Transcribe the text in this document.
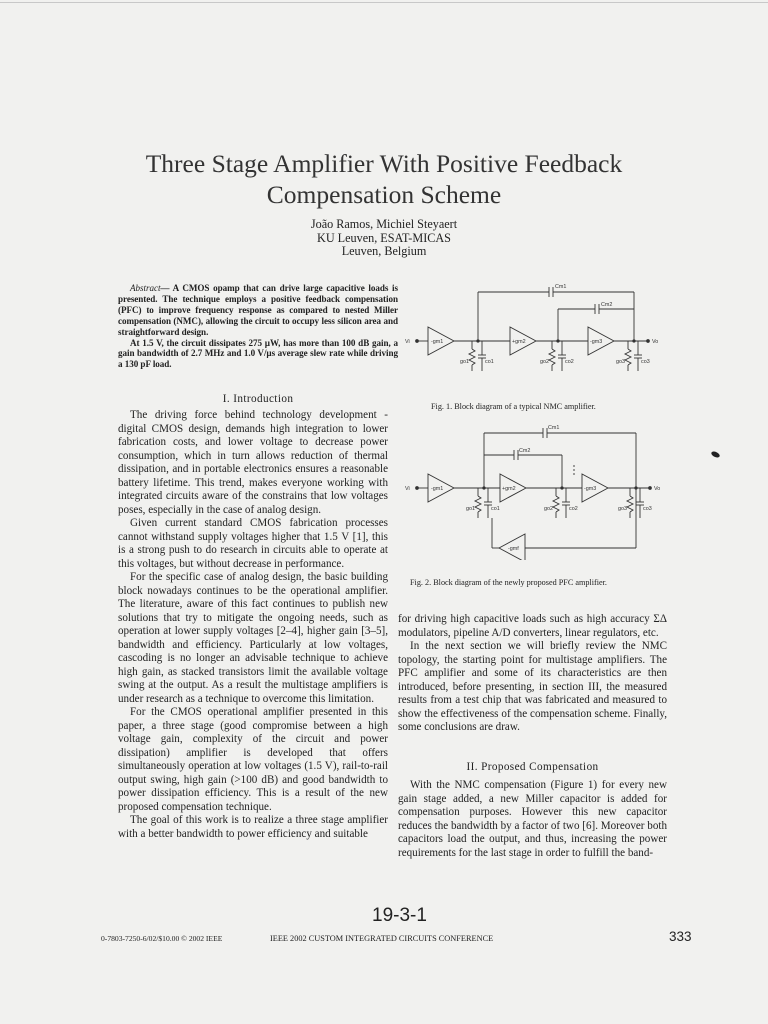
Three Stage Amplifier With Positive Feedback
Compensation Scheme
João Ramos, Michiel Steyaert
KU Leuven, ESAT-MICAS
Leuven, Belgium

Abstract— A CMOS opamp that can drive large capacitive loads is presented. The technique employs a positive feedback compensation (PFC) to improve frequency response as compared to nested Miller compensation (NMC), allowing the circuit to occupy less silicon area and straightforward design.

At 1.5 V, the circuit dissipates 275 µW, has more than 100 dB gain, a gain bandwidth of 2.7 MHz and 1.0 V/µs average slew rate while driving a 130 pF load.

I. Introduction

The driving force behind technology development - digital CMOS design, demands high integration to lower fabrication costs, and lower voltage to decrease power consumption, which in turn allows reduction of thermal dissipation, and in portable electronics ensures a reasonable battery lifetime. This trend, makes everyone working with integrated circuits aware of the constrains that low voltages poses, especially in the case of analog design.

Given current standard CMOS fabrication processes cannot withstand supply voltages higher that 1.5 V [1], this is a strong push to do research in circuits able to operate at this voltages, but without decrease in performance.

For the specific case of analog design, the basic building block nowadays continues to be the operational amplifier. The literature, aware of this fact continues to publish new solutions that try to mitigate the ongoing needs, such as operation at lower supply voltages [2–4], higher gain [3–5], bandwidth and efficiency. Particularly at low voltages, cascoding is no longer an advisable technique to achieve high gain, as stacked transistors limit the available voltage swing at the output. As a result the multistage amplifiers is under research as a technique to overcome this limitation.

For the CMOS operational amplifier presented in this paper, a three stage (good compromise between a high voltage gain, complexity of the circuit and power dissipation) amplifier is developed that offers simultaneously operation at low voltages (1.5 V), rail-to-rail output swing, high gain (>100 dB) and good bandwidth to power dissipation efficiency. This is a result of the new proposed compensation technique.

The goal of this work is to realize a three stage amplifier with a better bandwidth to power efficiency and suitable

Cm1
Cm2
Vi	Vo
-gm1	+gm2	-gm3
go1	co1	go2	co2	go3	co3
Fig. 1. Block diagram of a typical NMC amplifier.
Cm1
Cm2
Vi	Vo
-gm1	+gm2	-gm3
-gmf
go1	co1	go2	co2	go3	co3
Fig. 2. Block diagram of the newly proposed PFC amplifier.

for driving high capacitive loads such as high accuracy ΣΔ modulators, pipeline A/D converters, linear regulators, etc.

In the next section we will briefly review the NMC topology, the starting point for multistage amplifiers. The PFC amplifier and some of its characteristics are then introduced, before presenting, in section III, the measured results from a test chip that was fabricated and measured to show the effectiveness of the compensation scheme. Finally, some conclusions are draw.

II. Proposed Compensation

With the NMC compensation (Figure 1) for every new gain stage added, a new Miller capacitor is added for compensation purposes. However this new capacitor reduces the bandwidth by a factor of two [6]. Moreover both capacitors load the output, and thus, increasing the power requirements for the last stage in order to fulfill the band-

19-3-1
0-7803-7250-6/02/$10.00 © 2002 IEEE	IEEE 2002 CUSTOM INTEGRATED CIRCUITS CONFERENCE	333
